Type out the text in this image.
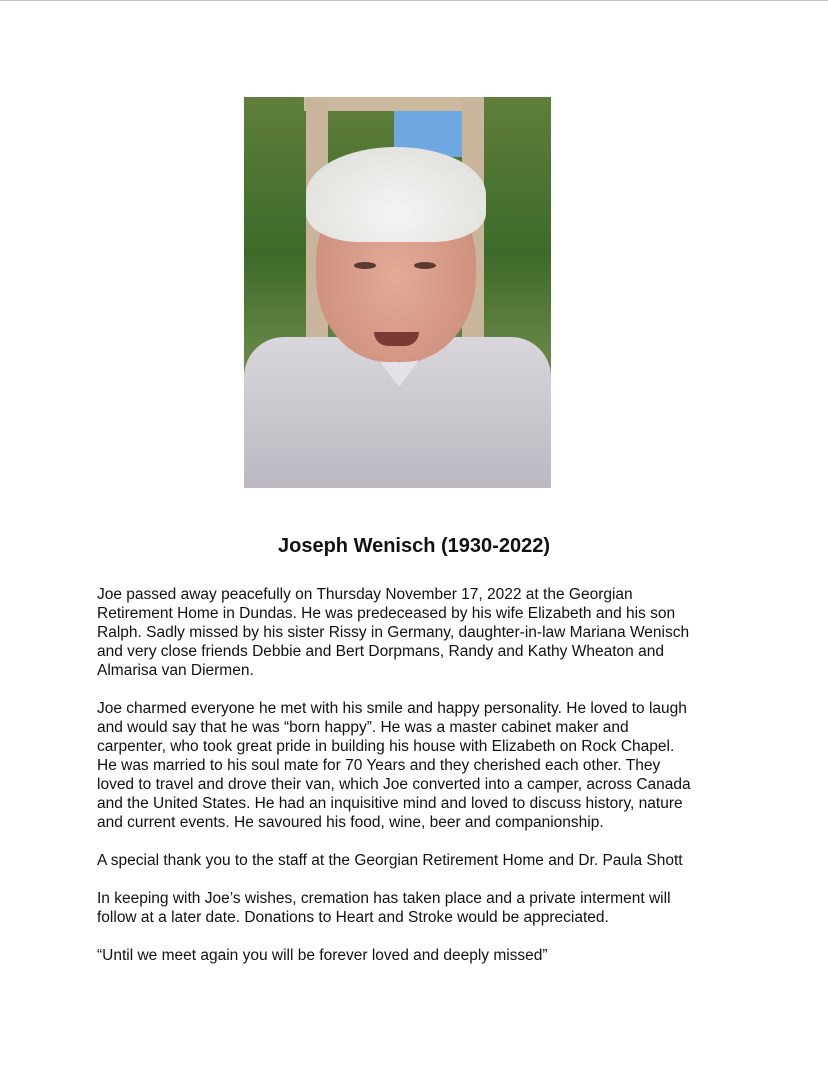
Joseph Wenisch (1930-2022)

Joe passed away peacefully on Thursday November 17, 2022 at the Georgian
Retirement Home in Dundas. He was predeceased by his wife Elizabeth and his son
Ralph. Sadly missed by his sister Rissy in Germany, daughter-in-law Mariana Wenisch
and very close friends Debbie and Bert Dorpmans, Randy and Kathy Wheaton and
Almarisa van Diermen.

Joe charmed everyone he met with his smile and happy personality. He loved to laugh
and would say that he was “born happy”. He was a master cabinet maker and
carpenter, who took great pride in building his house with Elizabeth on Rock Chapel.
He was married to his soul mate for 70 Years and they cherished each other. They
loved to travel and drove their van, which Joe converted into a camper, across Canada
and the United States. He had an inquisitive mind and loved to discuss history, nature
and current events. He savoured his food, wine, beer and companionship.

A special thank you to the staff at the Georgian Retirement Home and Dr. Paula Shott

In keeping with Joe’s wishes, cremation has taken place and a private interment will
follow at a later date. Donations to Heart and Stroke would be appreciated.

“Until we meet again you will be forever loved and deeply missed”
